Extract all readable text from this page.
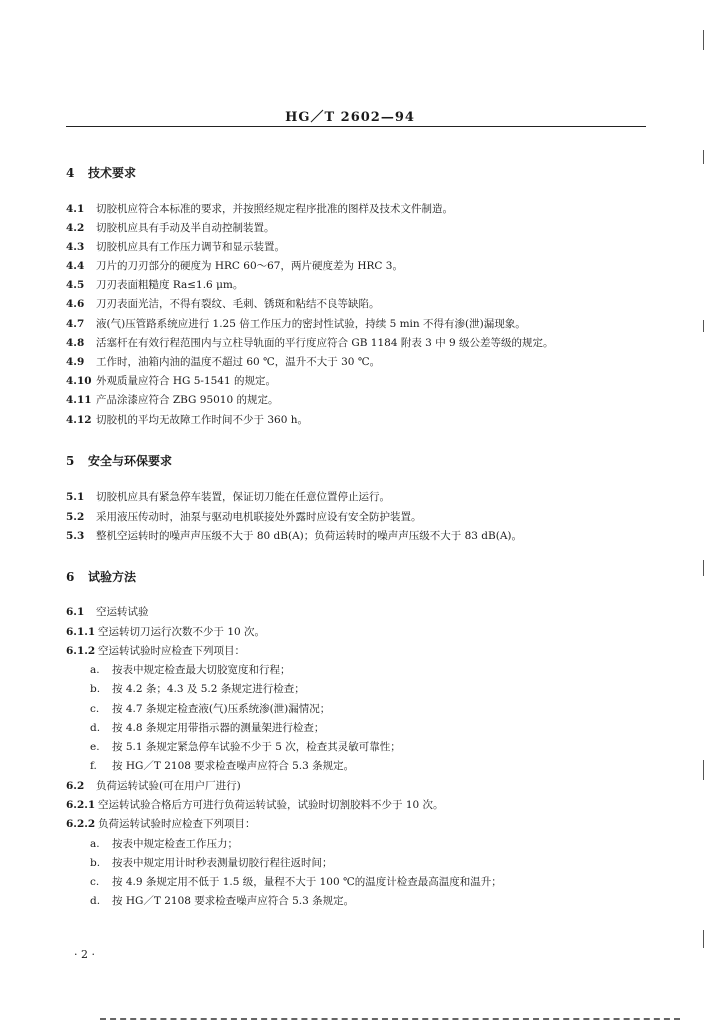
HG／T 2602—94
4 技术要求
4.1 切胶机应符合本标准的要求，并按照经规定程序批准的图样及技术文件制造。
4.2 切胶机应具有手动及半自动控制装置。
4.3 切胶机应具有工作压力调节和显示装置。
4.4 刀片的刀刃部分的硬度为 HRC 60～67，两片硬度差为 HRC 3。
4.5 刀刃表面粗糙度 Ra≤1.6 μm。
4.6 刀刃表面光洁，不得有裂纹、毛刺、锈斑和粘结不良等缺陷。
4.7 液(气)压管路系统应进行 1.25 倍工作压力的密封性试验，持续 5 min 不得有渗(泄)漏现象。
4.8 活塞杆在有效行程范围内与立柱导轨面的平行度应符合 GB 1184 附表 3 中 9 级公差等级的规定。
4.9 工作时，油箱内油的温度不超过 60 ℃，温升不大于 30 ℃。
4.10 外观质量应符合 HG 5-1541 的规定。
4.11 产品涂漆应符合 ZBG 95010 的规定。
4.12 切胶机的平均无故障工作时间不少于 360 h。
5 安全与环保要求
5.1 切胶机应具有紧急停车装置，保证切刀能在任意位置停止运行。
5.2 采用液压传动时，油泵与驱动电机联接处外露时应设有安全防护装置。
5.3 整机空运转时的噪声声压级不大于 80 dB(A)；负荷运转时的噪声声压级不大于 83 dB(A)。
6 试验方法
6.1 空运转试验
6.1.1 空运转切刀运行次数不少于 10 次。
6.1.2 空运转试验时应检查下列项目：
a. 按表中规定检查最大切胶宽度和行程；
b. 按 4.2 条；4.3 及 5.2 条规定进行检查；
c. 按 4.7 条规定检查液(气)压系统渗(泄)漏情况；
d. 按 4.8 条规定用带指示器的测量架进行检查；
e. 按 5.1 条规定紧急停车试验不少于 5 次，检查其灵敏可靠性；
f. 按 HG／T 2108 要求检查噪声应符合 5.3 条规定。
6.2 负荷运转试验(可在用户厂进行)
6.2.1 空运转试验合格后方可进行负荷运转试验，试验时切割胶料不少于 10 次。
6.2.2 负荷运转试验时应检查下列项目：
a. 按表中规定检查工作压力；
b. 按表中规定用计时秒表测量切胶行程往返时间；
c. 按 4.9 条规定用不低于 1.5 级，量程不大于 100 ℃的温度计检查最高温度和温升；
d. 按 HG／T 2108 要求检查噪声应符合 5.3 条规定。
· 2 ·
